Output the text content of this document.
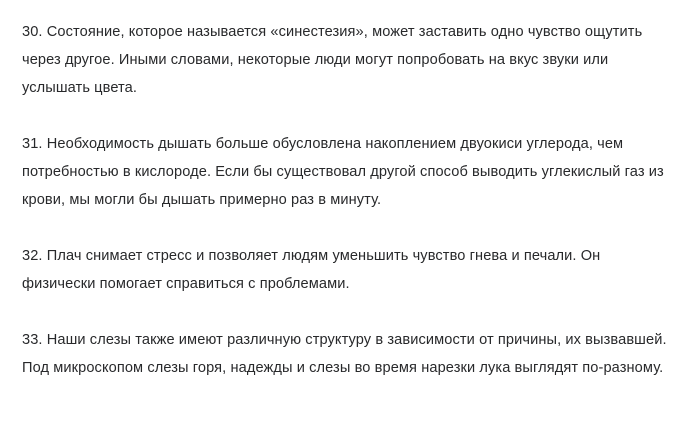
30. Состояние, которое называется «синестезия», может заставить одно чувство ощутить через другое. Иными словами, некоторые люди могут попробовать на вкус звуки или услышать цвета.

31. Необходимость дышать больше обусловлена накоплением двуокиси углерода, чем потребностью в кислороде. Если бы существовал другой способ выводить углекислый газ из крови, мы могли бы дышать примерно раз в минуту.

32. Плач снимает стресс и позволяет людям уменьшить чувство гнева и печали. Он физически помогает справиться с проблемами.

33. Наши слезы также имеют различную структуру в зависимости от причины, их вызвавшей. Под микроскопом слезы горя, надежды и слезы во время нарезки лука выглядят по-разному.
